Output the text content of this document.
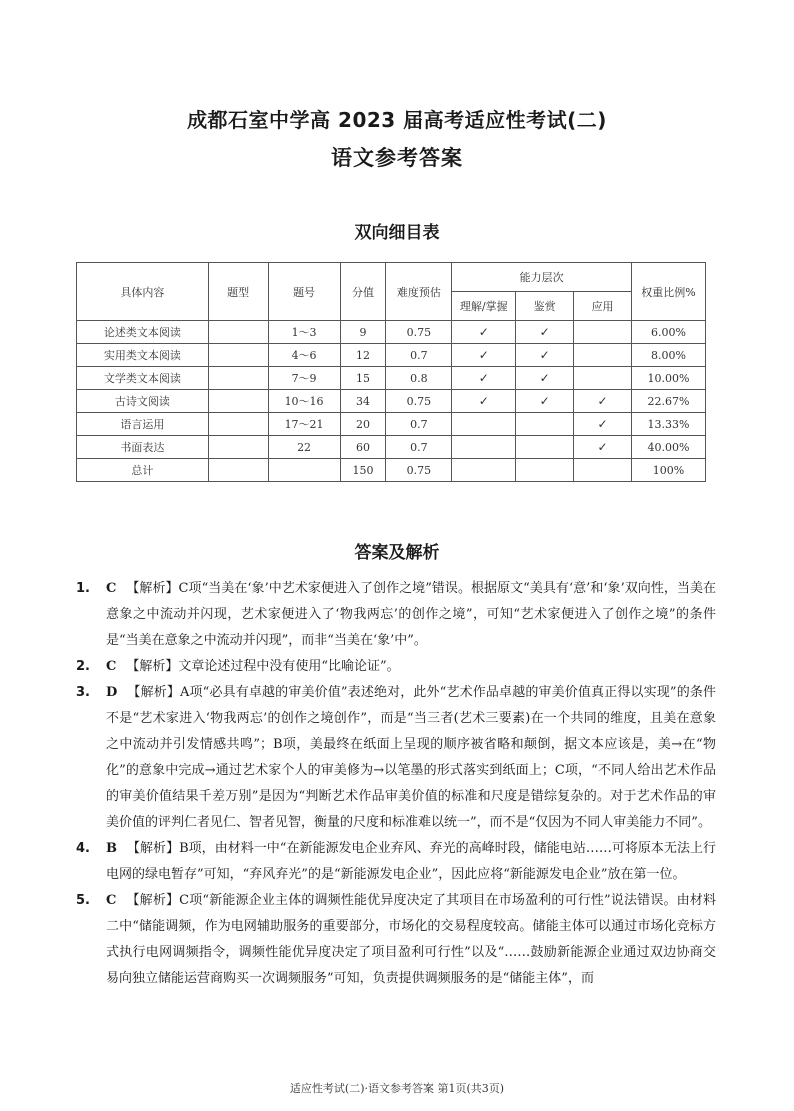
成都石室中学高 2023 届高考适应性考试(二)
语文参考答案
双向细目表
具体内容	题型	题号	分值	难度预估	能力层次			权重比例%
					理解/掌握	鉴赏	应用	
论述类文本阅读		1～3	9	0.75	✓	✓		6.00%
实用类文本阅读		4～6	12	0.7	✓	✓		8.00%
文学类文本阅读		7～9	15	0.8	✓	✓		10.00%
古诗文阅读		10～16	34	0.75	✓	✓	✓	22.67%
语言运用		17～21	20	0.7			✓	13.33%
书面表达		22	60	0.7			✓	40.00%
总计			150	0.75				100%
答案及解析
1.	C 【解析】C项“当美在‘象’中艺术家便进入了创作之境”错误。根据原文“美具有‘意’和‘象’双向性，当美在意象之中流动并闪现，艺术家便进入了‘物我两忘’的创作之境”，可知“艺术家便进入了创作之境”的条件是“当美在意象之中流动并闪现”，而非“当美在‘象’中”。
2.	C 【解析】文章论述过程中没有使用“比喻论证”。
3.	D 【解析】A项“必具有卓越的审美价值”表述绝对，此外“艺术作品卓越的审美价值真正得以实现”的条件不是“艺术家进入‘物我两忘’的创作之境创作”，而是“当三者(艺术三要素)在一个共同的维度，且美在意象之中流动并引发情感共鸣”；B项，美最终在纸面上呈现的顺序被省略和颠倒，据文本应该是，美→在“物化”的意象中完成→通过艺术家个人的审美修为→以笔墨的形式落实到纸面上；C项，“不同人给出艺术作品的审美价值结果千差万别”是因为“判断艺术作品审美价值的标准和尺度是错综复杂的。对于艺术作品的审美价值的评判仁者见仁、智者见智，衡量的尺度和标准难以统一”，而不是“仅因为不同人审美能力不同”。
4.	B 【解析】B项，由材料一中“在新能源发电企业弃风、弃光的高峰时段，储能电站……可将原本无法上行电网的绿电暂存”可知，“弃风弃光”的是“新能源发电企业”，因此应将“新能源发电企业”放在第一位。
5.	C 【解析】C项“新能源企业主体的调频性能优异度决定了其项目在市场盈利的可行性”说法错误。由材料二中“储能调频，作为电网辅助服务的重要部分，市场化的交易程度较高。储能主体可以通过市场化竞标方式执行电网调频指令，调频性能优异度决定了项目盈利可行性”以及“……鼓励新能源企业通过双边协商交易向独立储能运营商购买一次调频服务”可知，负责提供调频服务的是“储能主体”，而
适应性考试(二)·语文参考答案 第1页(共3页)
